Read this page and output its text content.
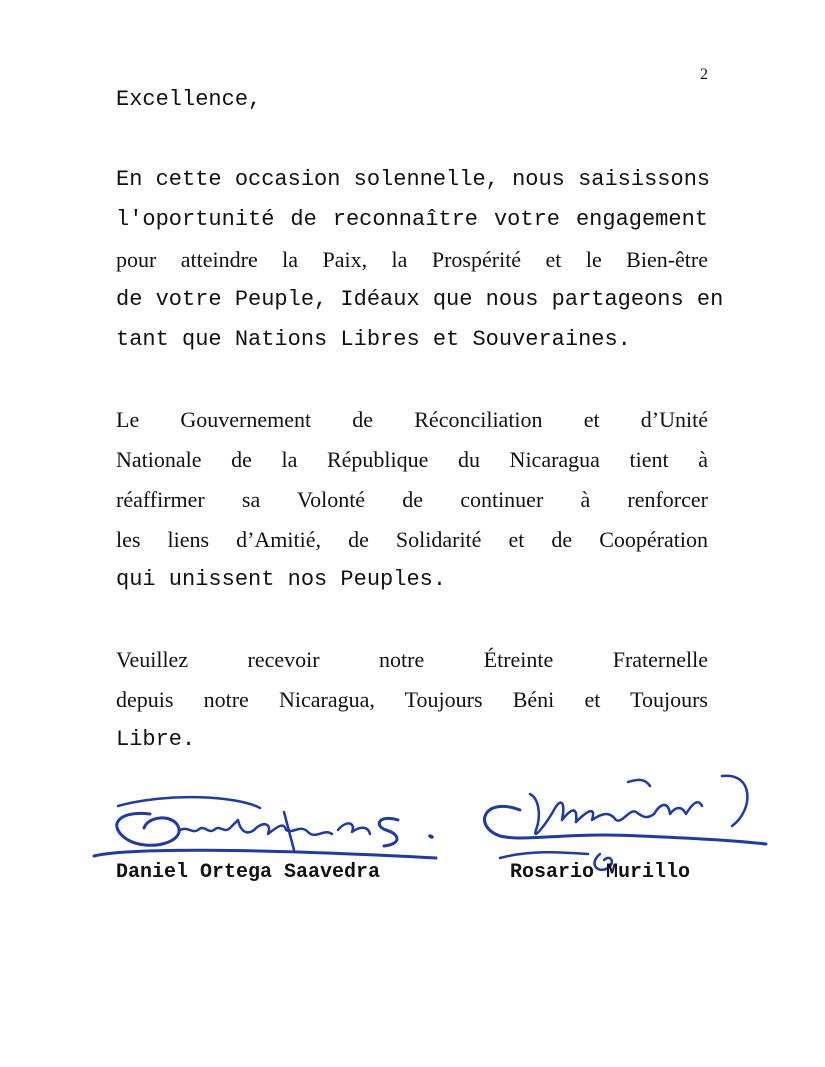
2
Excellence,
En cette occasion solennelle, nous saisissons
l'oportunité de reconnaître votre engagement
pour atteindre la Paix, la Prospérité et le Bien-être
de votre Peuple, Idéaux que nous partageons en
tant que Nations Libres et Souveraines.
Le Gouvernement de Réconciliation et d’Unité
Nationale de la République du Nicaragua tient à
réaffirmer sa Volonté de continuer à renforcer
les liens d’Amitié, de Solidarité et de Coopération
qui unissent nos Peuples.
Veuillez recevoir notre Étreinte Fraternelle
depuis notre Nicaragua, Toujours Béni et Toujours
Libre.
Daniel Ortega Saavedra	Rosario Murillo
